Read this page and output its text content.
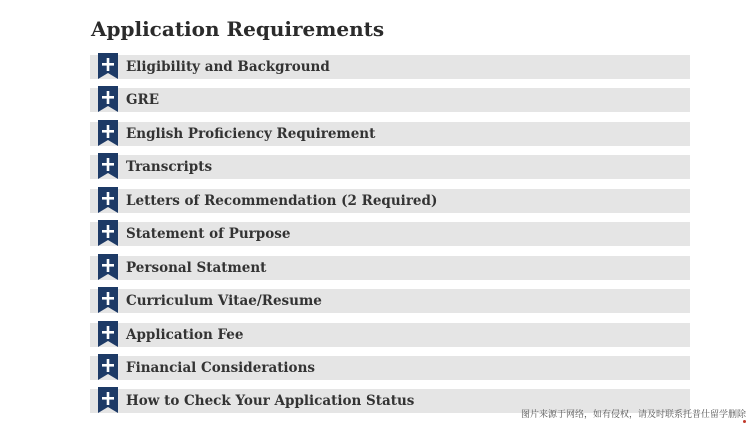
Application Requirements
Eligibility and Background
GRE
English Proficiency Requirement
Transcripts
Letters of Recommendation (2 Required)
Statement of Purpose
Personal Statment
Curriculum Vitae/Resume
Application Fee
Financial Considerations
How to Check Your Application Status
图片来源于网络，如有侵权，请及时联系托普仕留学删除
